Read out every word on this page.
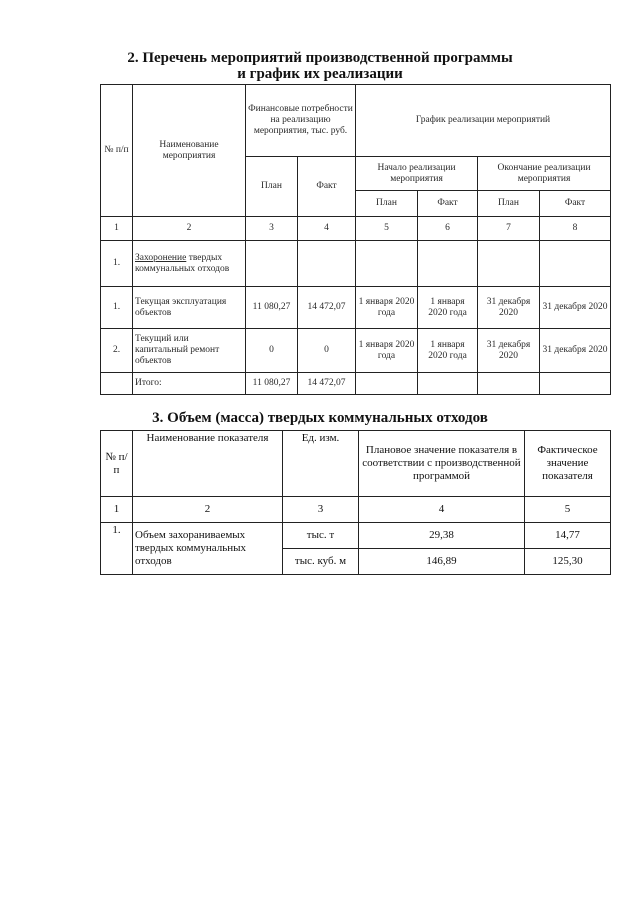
2. Перечень мероприятий производственной программы
и график их реализации
№ п/п	Наименование мероприятия	Финансовые потребности на реализацию мероприятия, тыс. руб.		График реализации мероприятий			
		План	Факт	Начало реализации мероприятия		Окончание реализации мероприятия	
				План	Факт	План	Факт
1	2	3	4	5	6	7	8
1.	Захоронение твердых коммунальных отходов						
1.	Текущая эксплуатация объектов	11 080,27	14 472,07	1 января 2020 года	1 января 2020 года	31 декабря 2020	31 декабря 2020
2.	Текущий или капитальный ремонт объектов	0	0	1 января 2020 года	1 января 2020 года	31 декабря 2020	31 декабря 2020
	Итого:	11 080,27	14 472,07				
3. Объем (масса) твердых коммунальных отходов
№ п/п	Наименование показателя	Ед. изм.	Плановое значение показателя в соответствии с производственной программой	Фактическое значение показателя
1	2	3	4	5
1.	Объем захораниваемых твердых коммунальных отходов	тыс. т	29,38	14,77
		тыс. куб. м	146,89	125,30
